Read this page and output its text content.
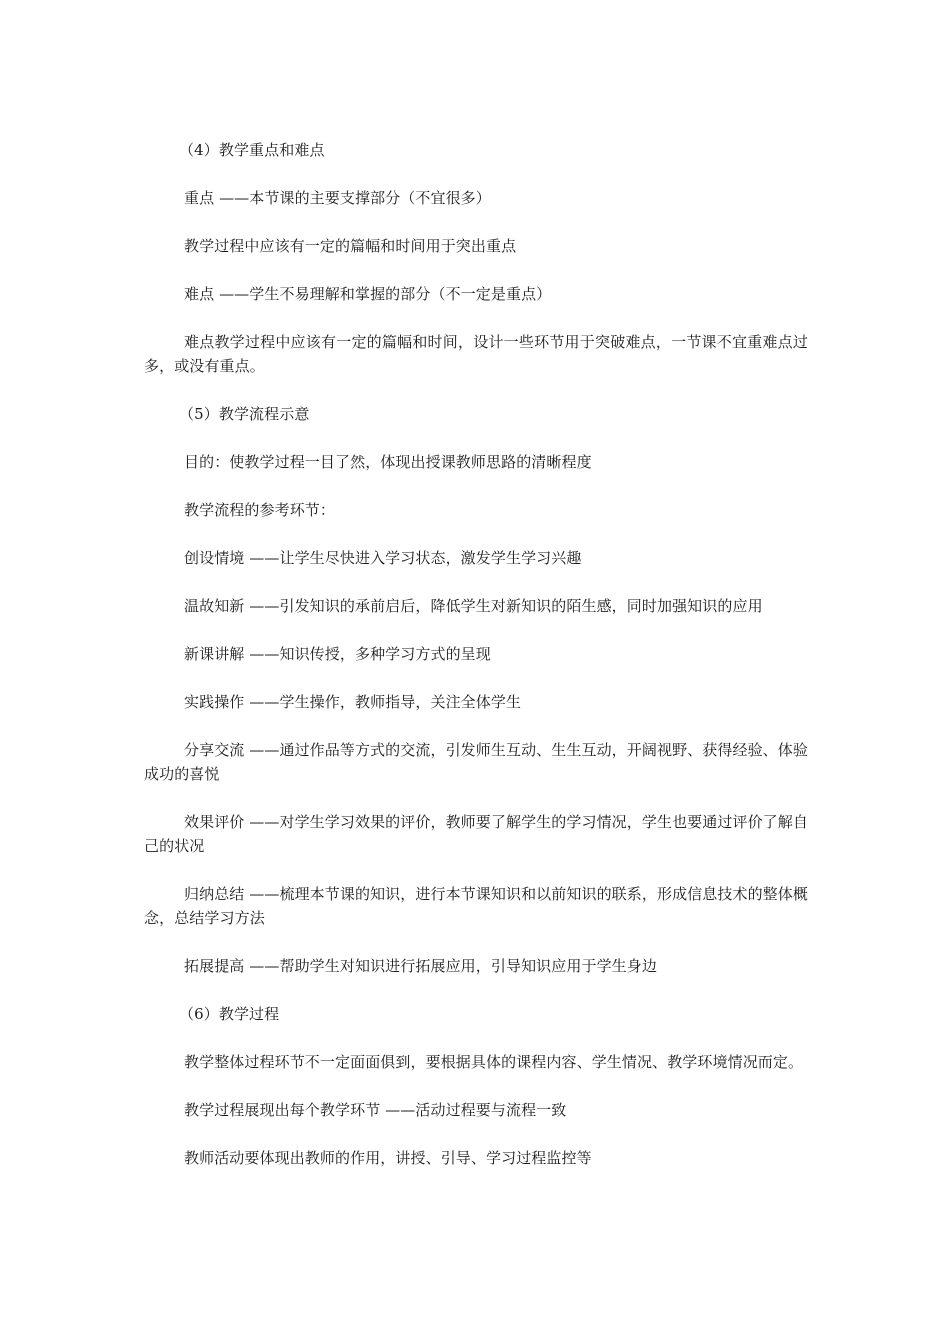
（4）教学重点和难点

重点 ——本节课的主要支撑部分（不宜很多）

教学过程中应该有一定的篇幅和时间用于突出重点

难点 ——学生不易理解和掌握的部分（不一定是重点）

难点教学过程中应该有一定的篇幅和时间，设计一些环节用于突破难点，一节课不宜重难点过多，或没有重点。

（5）教学流程示意

目的：使教学过程一目了然，体现出授课教师思路的清晰程度

教学流程的参考环节：

创设情境 ——让学生尽快进入学习状态，激发学生学习兴趣

温故知新 ——引发知识的承前启后，降低学生对新知识的陌生感，同时加强知识的应用

新课讲解 ——知识传授，多种学习方式的呈现

实践操作 ——学生操作，教师指导，关注全体学生

分享交流 ——通过作品等方式的交流，引发师生互动、生生互动，开阔视野、获得经验、体验成功的喜悦

效果评价 ——对学生学习效果的评价，教师要了解学生的学习情况，学生也要通过评价了解自己的状况

归纳总结 ——梳理本节课的知识，进行本节课知识和以前知识的联系，形成信息技术的整体概念，总结学习方法

拓展提高 ——帮助学生对知识进行拓展应用，引导知识应用于学生身边

（6）教学过程

教学整体过程环节不一定面面俱到，要根据具体的课程内容、学生情况、教学环境情况而定。

教学过程展现出每个教学环节 ——活动过程要与流程一致

教师活动要体现出教师的作用，讲授、引导、学习过程监控等
